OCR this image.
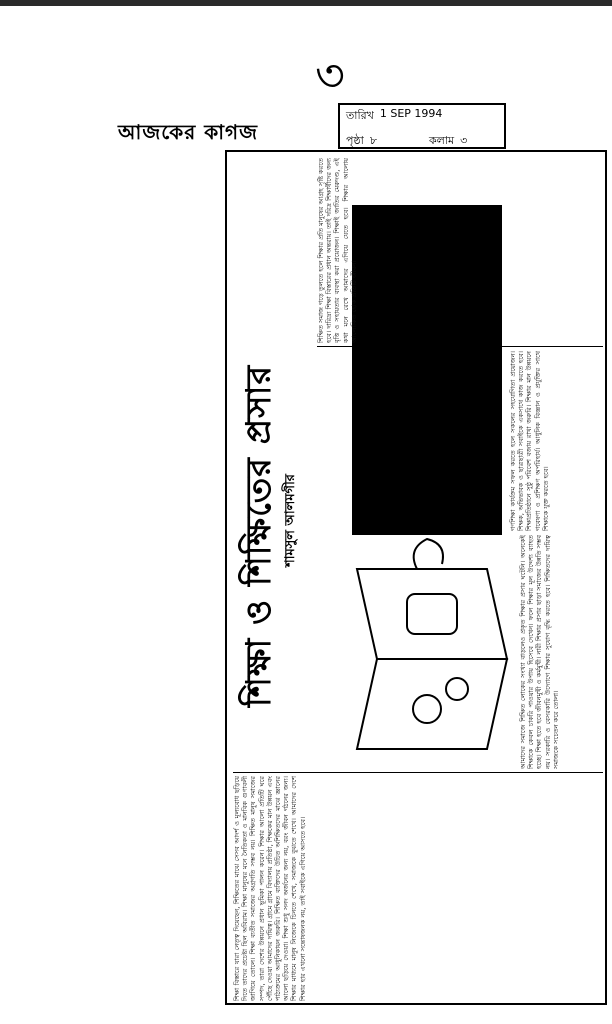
৩
আজকের কাগজ
তারিখ 1 SEP 1994
পৃষ্ঠা ৮	কলাম ৩
শিক্ষা বিস্তারে যারা নেতৃত্ব দিয়েছেন, শিক্ষিতের মাঝে সেসব আদর্শ ও মূল্যবোধ ছড়িয়ে দিতে তাদের প্রচেষ্টা ছিল অবিরাম। শিক্ষা মানুষের মনে নৈতিকতা ও মানবিক গুণাবলী জাগিয়ে তোলে। শিক্ষা ব্যতীত সমাজের অগ্রগতি সম্ভব নয়। শিক্ষিত মানুষ সমাজের সম্পদ, তারা দেশের উন্নয়নে প্রধান ভূমিকা পালন করেন। শিক্ষার আলো প্রতিটি ঘরে পৌঁছে দেওয়া আমাদের দায়িত্ব। গ্রামে গ্রামে বিদ্যালয় প্রতিষ্ঠা, শিক্ষকের মান উন্নয়ন এবং পাঠ্যক্রমের আধুনিকায়ন জরুরি। শিক্ষিত ব্যক্তিদের উচিত অশিক্ষিতদের মাঝে জ্ঞানের আলো ছড়িয়ে দেওয়া। শিক্ষা শুধু সনদ অর্জনের জন্য নয়, বরং জীবন গঠনের জন্য। শিক্ষার মাধ্যমে মানুষ নিজেকে চিনতে শেখে, সমাজকে বুঝতে শেখে। আমাদের দেশে শিক্ষার হার এখনো সন্তোষজনক নয়, তাই সবাইকে এগিয়ে আসতে হবে।
শিক্ষা ও শিক্ষিতের প্রসার শামসুল আলমগীর
আমাদের সমাজে শিক্ষিত লোকের সংখ্যা বাড়লেও প্রকৃত শিক্ষার প্রসার ঘটেনি। অনেকেই শিক্ষাকে কেবল চাকরি পাওয়ার উপায় হিসেবে দেখেন। ফলে শিক্ষার মূল উদ্দেশ্য ব্যাহত হচ্ছে। শিক্ষা হতে হবে জীবনমুখী ও কর্মমুখী। নারী শিক্ষার প্রসার ছাড়া সমাজের উন্নতি সম্ভব নয়। সরকারি ও বেসরকারি উদ্যোগে শিক্ষার সুযোগ বৃদ্ধি করতে হবে। শিক্ষিতদের দায়িত্ব সমাজকে সচেতন করে তোলা।
গণশিক্ষা কার্যক্রম সফল করতে হলে সকলের সহযোগিতা প্রয়োজন। শিক্ষক, অভিভাবক ও ছাত্রছাত্রী সবাইকে একসাথে কাজ করতে হবে। শিক্ষাপ্রতিষ্ঠানে সুষ্ঠু পরিবেশ বজায় রাখা জরুরি। শিক্ষার মান উন্নয়নে গবেষণা ও প্রশিক্ষণ অপরিহার্য। আধুনিক বিজ্ঞান ও প্রযুক্তির সাথে শিক্ষাকে যুক্ত করতে হবে।
শিক্ষিত সমাজ গড়ে তুলতে হলে শিক্ষার প্রতি মানুষের আগ্রহ সৃষ্টি করতে হবে। দারিদ্র্য শিক্ষা বিস্তারের প্রধান অন্তরায়। তাই দরিদ্র শিক্ষার্থীদের জন্য বৃত্তি ও সহায়তার ব্যবস্থা করা প্রয়োজন। শিক্ষাই জাতির মেরুদণ্ড, এই কথা মনে রেখে আমাদের এগিয়ে যেতে হবে। শিক্ষার আলোয় আলোকিত হোক প্রতিটি জীবন।
